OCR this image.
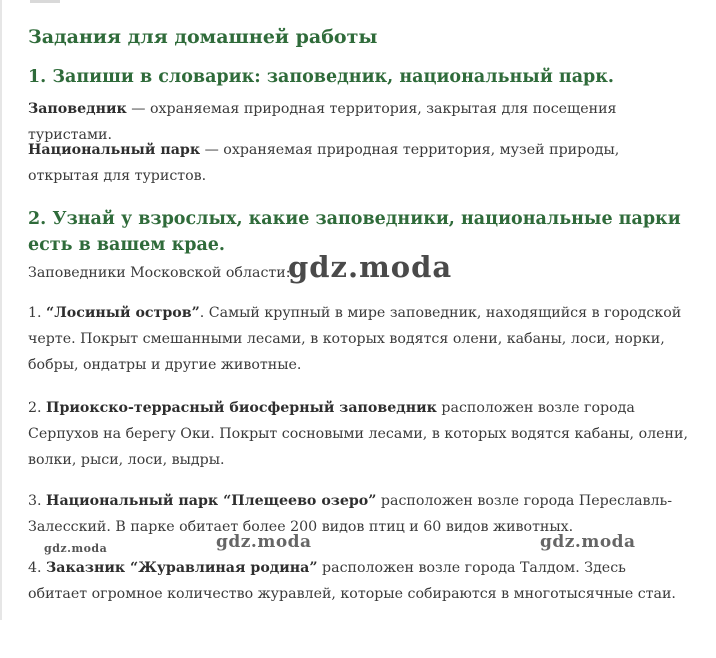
Задания для домашней работы
1. Запиши в словарик: заповедник, национальный парк.

Заповедник — охраняемая природная территория, закрытая для посещения туристами.

Национальный парк — охраняемая природная территория, музей природы, открытая для туристов.

2. Узнай у взрослых, какие заповедники, национальные парки есть в вашем крае.

Заповедники Московской области:

1. “Лосиный остров”. Самый крупный в мире заповедник, находящийся в городской черте. Покрыт смешанными лесами, в которых водятся олени, кабаны, лоси, норки, бобры, ондатры и другие животные.

2. Приокско-террасный биосферный заповедник расположен возле города Серпухов на берегу Оки. Покрыт сосновыми лесами, в которых водятся кабаны, олени, волки, рыси, лоси, выдры.

3. Национальный парк “Плещеево озеро” расположен возле города Переславль-Залесский. В парке обитает более 200 видов птиц и 60 видов животных.

4. Заказник “Журавлиная родина” расположен возле города Талдом. Здесь обитает огромное количество журавлей, которые собираются в многотысячные стаи.

gdz.moda
gdz.moda	gdz.moda
gdz.moda
